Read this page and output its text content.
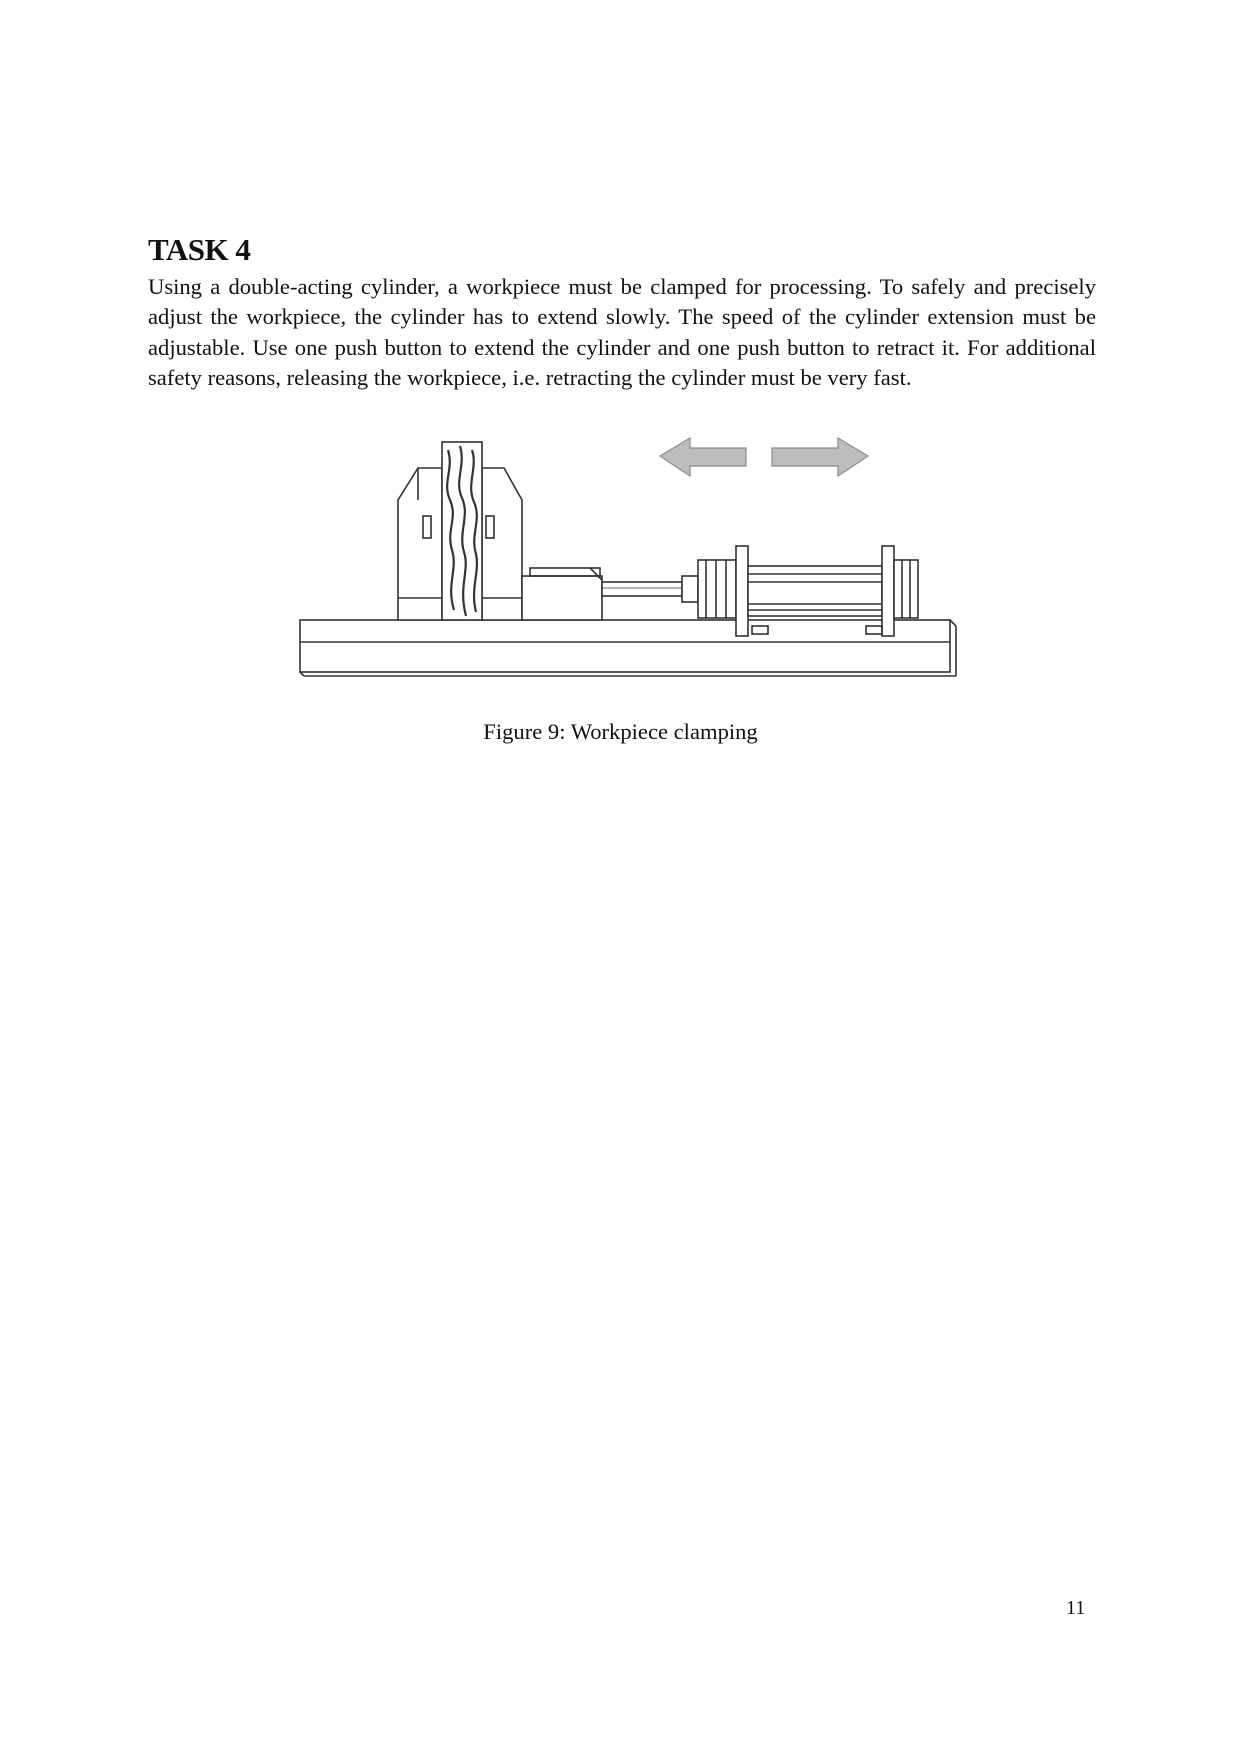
TASK 4

Using a double-acting cylinder, a workpiece must be clamped for processing. To safely and precisely adjust the workpiece, the cylinder has to extend slowly. The speed of the cylinder extension must be adjustable. Use one push button to extend the cylinder and one push button to retract it. For additional safety reasons, releasing the workpiece, i.e. retracting the cylinder must be very fast.

Figure 9: Workpiece clamping

11
